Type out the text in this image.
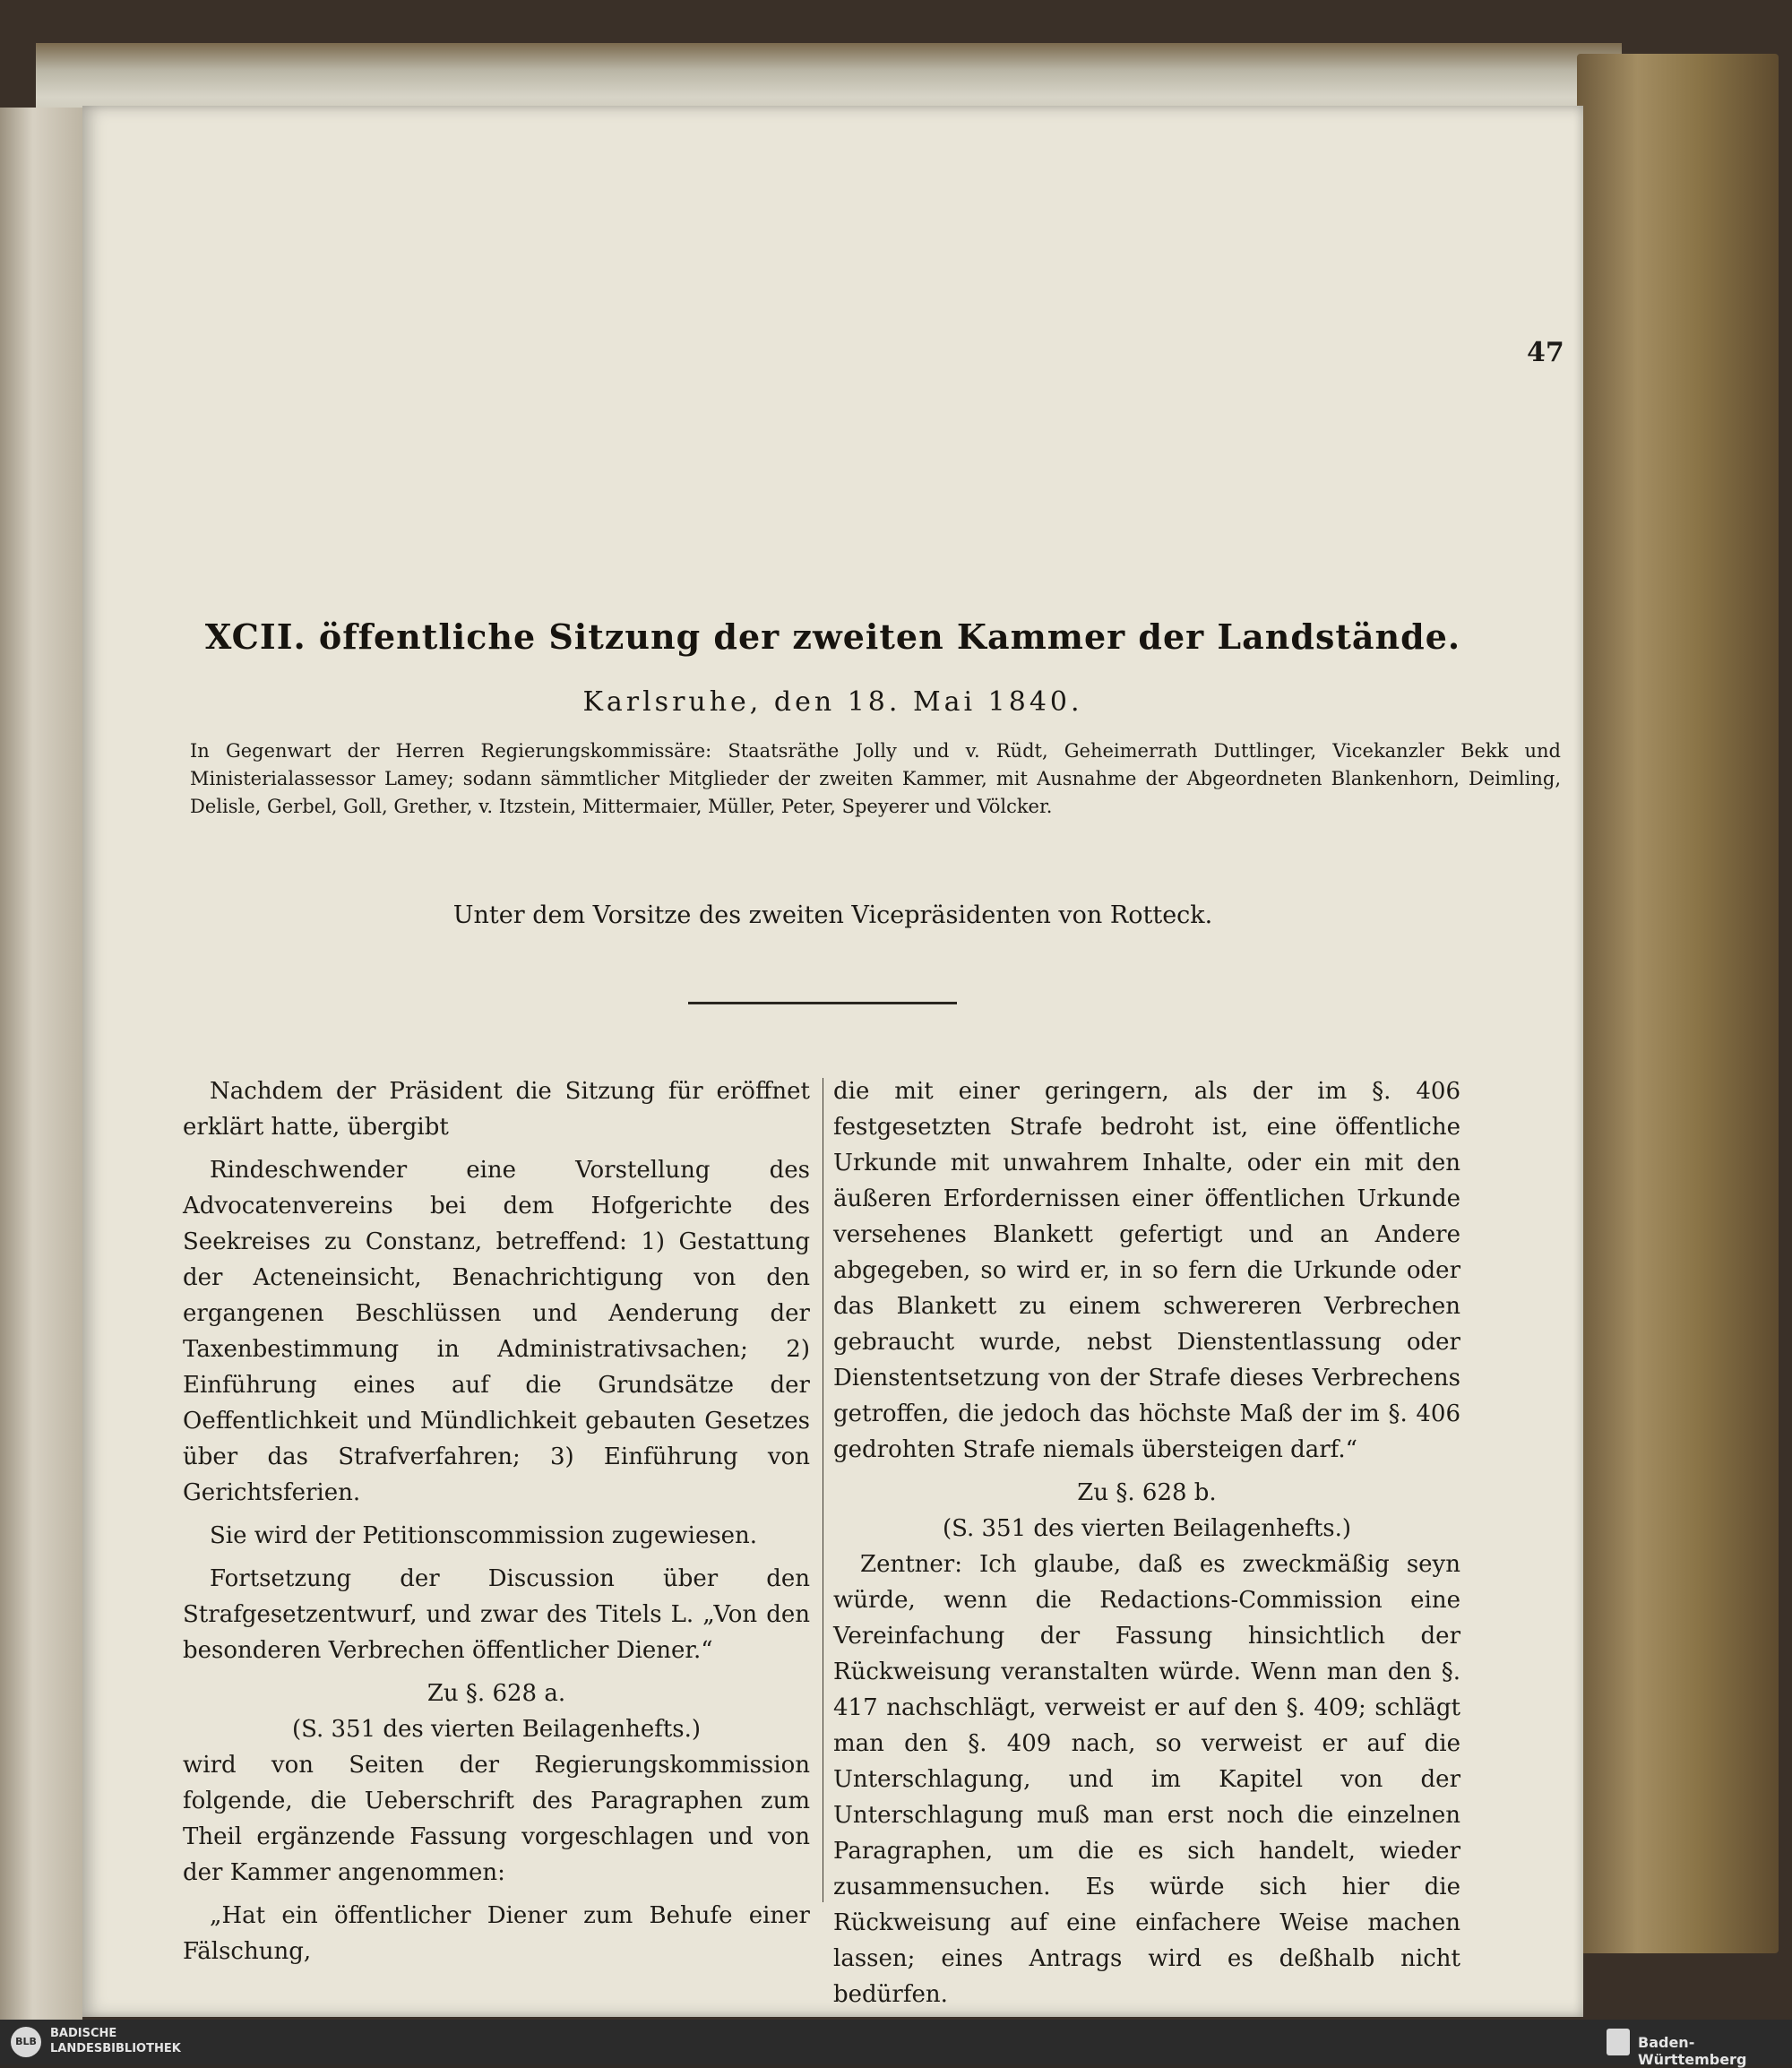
47
XCII. öffentliche Sitzung der zweiten Kammer der Landstände.
Karlsruhe, den 18. Mai 1840.
In Gegenwart der Herren Regierungskommissäre: Staatsräthe Jolly und v. Rüdt, Geheimerrath Duttlinger, Vicekanzler Bekk und Ministerialassessor Lamey; sodann sämmtlicher Mitglieder der zweiten Kammer, mit Ausnahme der Abgeordneten Blankenhorn, Deimling, Delisle, Gerbel, Goll, Grether, v. Itzstein, Mittermaier, Müller, Peter, Speyerer und Völcker.
Unter dem Vorsitze des zweiten Vicepräsidenten von Rotteck.

Nachdem der Präsident die Sitzung für eröffnet erklärt hatte, übergibt

Rindeschwender eine Vorstellung des Advocatenvereins bei dem Hofgerichte des Seekreises zu Constanz, betreffend: 1) Gestattung der Acteneinsicht, Benachrichtigung von den ergangenen Beschlüssen und Aenderung der Taxenbestimmung in Administrativsachen; 2) Einführung eines auf die Grundsätze der Oeffentlichkeit und Mündlichkeit gebauten Gesetzes über das Strafverfahren; 3) Einführung von Gerichtsferien.

Sie wird der Petitionscommission zugewiesen.

Fortsetzung der Discussion über den Strafgesetzentwurf, und zwar des Titels L. „Von den besonderen Verbrechen öffentlicher Diener.“

Zu §. 628 a.

(S. 351 des vierten Beilagenhefts.)

wird von Seiten der Regierungskommission folgende, die Ueberschrift des Paragraphen zum Theil ergänzende Fassung vorgeschlagen und von der Kammer angenommen:

„Hat ein öffentlicher Diener zum Behufe einer Fälschung,

die mit einer geringern, als der im §. 406 festgesetzten Strafe bedroht ist, eine öffentliche Urkunde mit unwahrem Inhalte, oder ein mit den äußeren Erfordernissen einer öffentlichen Urkunde versehenes Blankett gefertigt und an Andere abgegeben, so wird er, in so fern die Urkunde oder das Blankett zu einem schwereren Verbrechen gebraucht wurde, nebst Dienstentlassung oder Dienstentsetzung von der Strafe dieses Verbrechens getroffen, die jedoch das höchste Maß der im §. 406 gedrohten Strafe niemals übersteigen darf.“

Zu §. 628 b.

(S. 351 des vierten Beilagenhefts.)

Zentner: Ich glaube, daß es zweckmäßig seyn würde, wenn die Redactions-Commission eine Vereinfachung der Fassung hinsichtlich der Rückweisung veranstalten würde. Wenn man den §. 417 nachschlägt, verweist er auf den §. 409; schlägt man den §. 409 nach, so verweist er auf die Unterschlagung, und im Kapitel von der Unterschlagung muß man erst noch die einzelnen Paragraphen, um die es sich handelt, wieder zusammensuchen. Es würde sich hier die Rückweisung auf eine einfachere Weise machen lassen; eines Antrags wird es deßhalb nicht bedürfen.

BLB

BADISCHE
LANDESBIBLIOTHEK	Baden-Württemberg
